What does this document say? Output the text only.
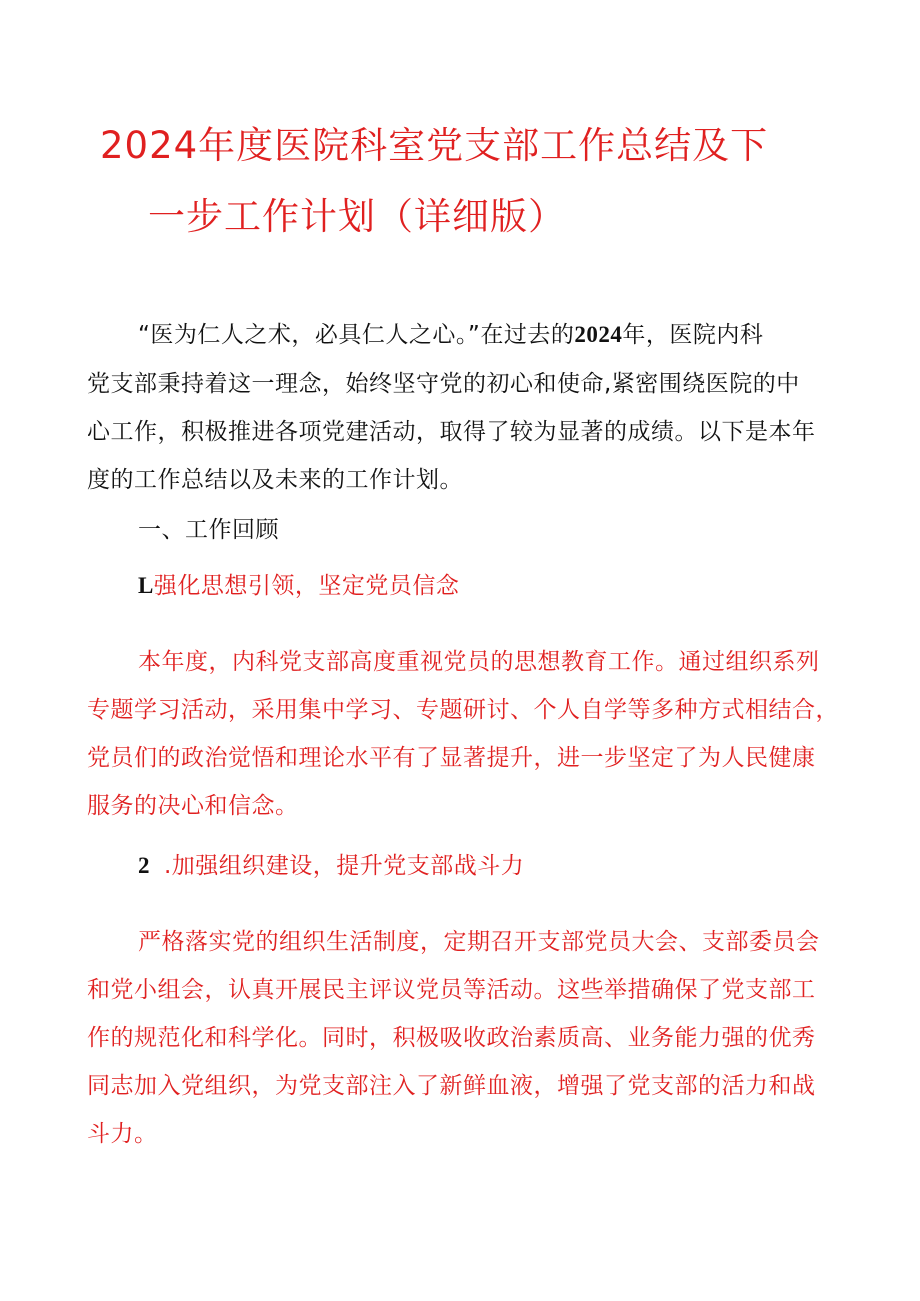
2024年度医院科室党支部工作总结及下
一步工作计划（详细版）
“医为仁人之术，必具仁人之心。”在过去的2024年，医院内科
党支部秉持着这一理念，始终坚守党的初心和使命,紧密围绕医院的中
心工作，积极推进各项党建活动，取得了较为显著的成绩。以下是本年
度的工作总结以及未来的工作计划。
一、工作回顾
L强化思想引领，坚定党员信念
本年度，内科党支部高度重视党员的思想教育工作。通过组织系列
专题学习活动，采用集中学习、专题研讨、个人自学等多种方式相结合，
党员们的政治觉悟和理论水平有了显著提升，进一步坚定了为人民健康
服务的决心和信念。
2 .加强组织建设，提升党支部战斗力
严格落实党的组织生活制度，定期召开支部党员大会、支部委员会
和党小组会，认真开展民主评议党员等活动。这些举措确保了党支部工
作的规范化和科学化。同时，积极吸收政治素质高、业务能力强的优秀
同志加入党组织，为党支部注入了新鲜血液，增强了党支部的活力和战
斗力。
